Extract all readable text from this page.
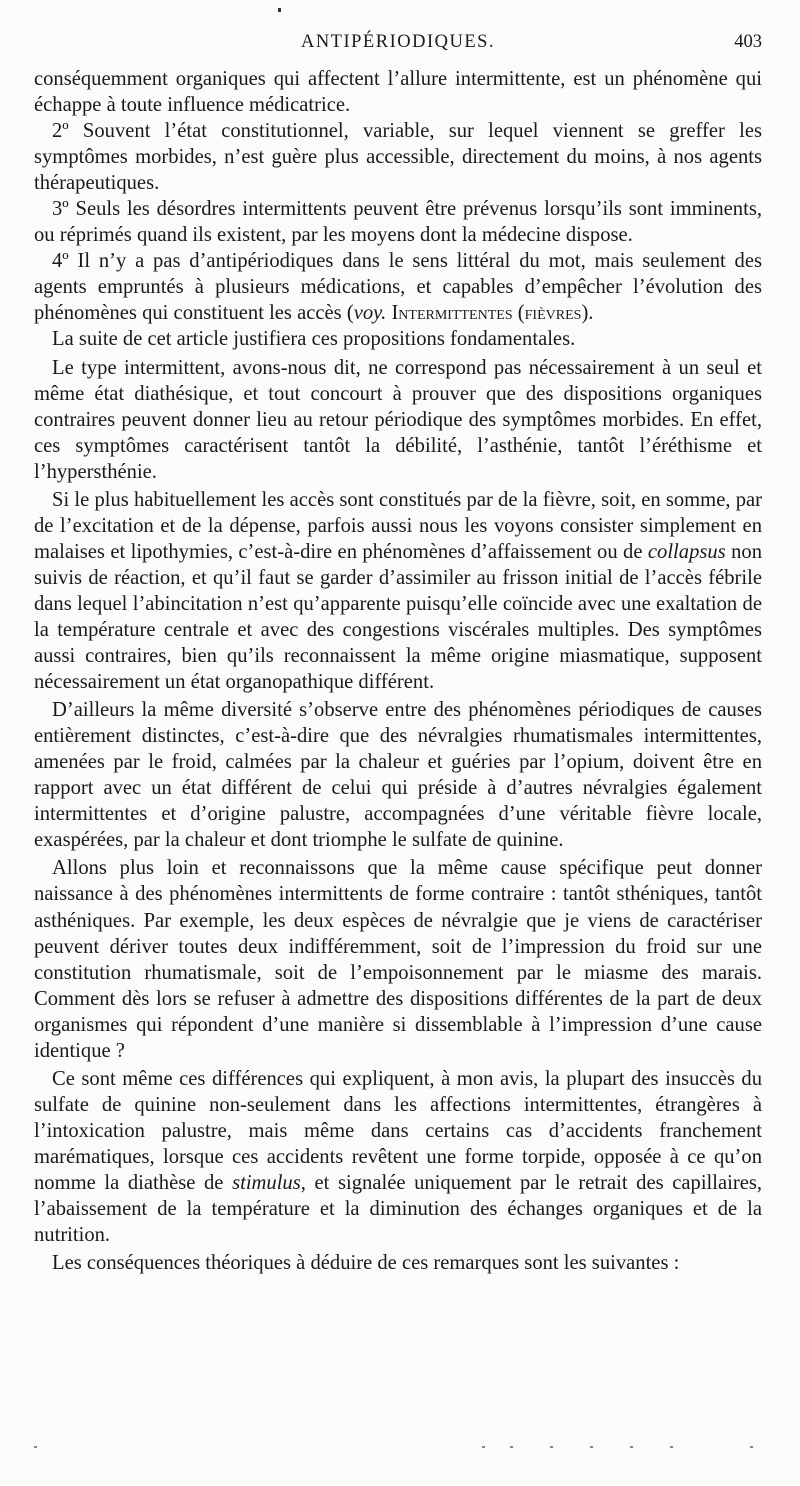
ANTIPÉRIODIQUES.	403

conséquemment organiques qui affectent l’allure intermittente, est un phénomène qui échappe à toute influence médicatrice.

2º Souvent l’état constitutionnel, variable, sur lequel viennent se greffer les symptômes morbides, n’est guère plus accessible, directement du moins, à nos agents thérapeutiques.

3º Seuls les désordres intermittents peuvent être prévenus lorsqu’ils sont imminents, ou réprimés quand ils existent, par les moyens dont la médecine dispose.

4º Il n’y a pas d’antipériodiques dans le sens littéral du mot, mais seulement des agents empruntés à plusieurs médications, et capables d’empêcher l’évolution des phénomènes qui constituent les accès (voy. Intermittentes (fièvres).

La suite de cet article justifiera ces propositions fondamentales.

Le type intermittent, avons-nous dit, ne correspond pas nécessairement à un seul et même état diathésique, et tout concourt à prouver que des dispositions organiques contraires peuvent donner lieu au retour périodique des symptômes morbides. En effet, ces symptômes caractérisent tantôt la débilité, l’asthénie, tantôt l’éréthisme et l’hypersthénie.

Si le plus habituellement les accès sont constitués par de la fièvre, soit, en somme, par de l’excitation et de la dépense, parfois aussi nous les voyons consister simplement en malaises et lipothymies, c’est-à-dire en phénomènes d’affaissement ou de collapsus non suivis de réaction, et qu’il faut se garder d’assimiler au frisson initial de l’accès fébrile dans lequel l’abincitation n’est qu’apparente puisqu’elle coïncide avec une exaltation de la température centrale et avec des congestions viscérales multiples. Des symptômes aussi contraires, bien qu’ils reconnaissent la même origine miasmatique, supposent nécessairement un état organopathique différent.

D’ailleurs la même diversité s’observe entre des phénomènes périodiques de causes entièrement distinctes, c’est-à-dire que des névralgies rhumatismales intermittentes, amenées par le froid, calmées par la chaleur et guéries par l’opium, doivent être en rapport avec un état différent de celui qui préside à d’autres névralgies également intermittentes et d’origine palustre, accompagnées d’une véritable fièvre locale, exaspérées, par la chaleur et dont triomphe le sulfate de quinine.

Allons plus loin et reconnaissons que la même cause spécifique peut donner naissance à des phénomènes intermittents de forme contraire : tantôt sthéniques, tantôt asthéniques. Par exemple, les deux espèces de névralgie que je viens de caractériser peuvent dériver toutes deux indifféremment, soit de l’impression du froid sur une constitution rhumatismale, soit de l’empoisonnement par le miasme des marais. Comment dès lors se refuser à admettre des dispositions différentes de la part de deux organismes qui répondent d’une manière si dissemblable à l’impression d’une cause identique ?

Ce sont même ces différences qui expliquent, à mon avis, la plupart des insuccès du sulfate de quinine non-seulement dans les affections intermittentes, étrangères à l’intoxication palustre, mais même dans certains cas d’accidents franchement marématiques, lorsque ces accidents revêtent une forme torpide, opposée à ce qu’on nomme la diathèse de stimulus, et signalée uniquement par le retrait des capillaires, l’abaissement de la température et la diminution des échanges organiques et de la nutrition.

Les conséquences théoriques à déduire de ces remarques sont les suivantes :
